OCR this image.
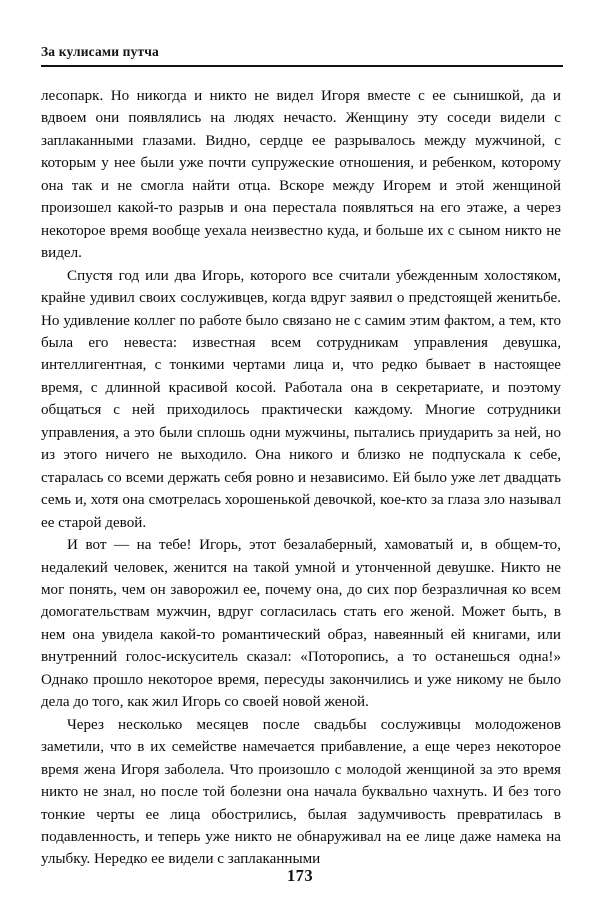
За кулисами путча

лесопарк. Но никогда и никто не видел Игоря вместе с ее сынишкой, да и вдвоем они появлялись на людях нечасто. Женщину эту соседи видели с заплаканными глазами. Видно, сердце ее разрывалось между мужчиной, с которым у нее были уже почти супружеские отношения, и ребенком, которому она так и не смогла найти отца. Вскоре между Игорем и этой женщиной произошел какой-то разрыв и она перестала появляться на его этаже, а через некоторое время вообще уехала неизвестно куда, и больше их с сыном никто не видел.

Спустя год или два Игорь, которого все считали убежденным холостяком, крайне удивил своих сослуживцев, когда вдруг заявил о предстоящей женитьбе. Но удивление коллег по работе было связано не с самим этим фактом, а тем, кто была его невеста: известная всем сотрудникам управления девушка, интеллигентная, с тонкими чертами лица и, что редко бывает в настоящее время, с длинной красивой косой. Работала она в секретариате, и поэтому общаться с ней приходилось практически каждому. Многие сотрудники управления, а это были сплошь одни мужчины, пытались приударить за ней, но из этого ничего не выходило. Она никого и близко не подпускала к себе, старалась со всеми держать себя ровно и независимо. Ей было уже лет двадцать семь и, хотя она смотрелась хорошенькой девочкой, кое-кто за глаза зло называл ее старой девой.

И вот — на тебе! Игорь, этот безалаберный, хамоватый и, в общем-то, недалекий человек, женится на такой умной и утонченной девушке. Никто не мог понять, чем он заворожил ее, почему она, до сих пор безразличная ко всем домогательствам мужчин, вдруг согласилась стать его женой. Может быть, в нем она увидела какой-то романтический образ, навеянный ей книгами, или внутренний голос-искуситель сказал: «Поторопись, а то останешься одна!» Однако прошло некоторое время, пересуды закончились и уже никому не было дела до того, как жил Игорь со своей новой женой.

Через несколько месяцев после свадьбы сослуживцы молодоженов заметили, что в их семействе намечается прибавление, а еще через некоторое время жена Игоря заболела. Что произошло с молодой женщиной за это время никто не знал, но после той болезни она начала буквально чахнуть. И без того тонкие черты ее лица обострились, былая задумчивость превратилась в подавленность, и теперь уже никто не обнаруживал на ее лице даже намека на улыбку. Нередко ее видели с заплаканными

173
